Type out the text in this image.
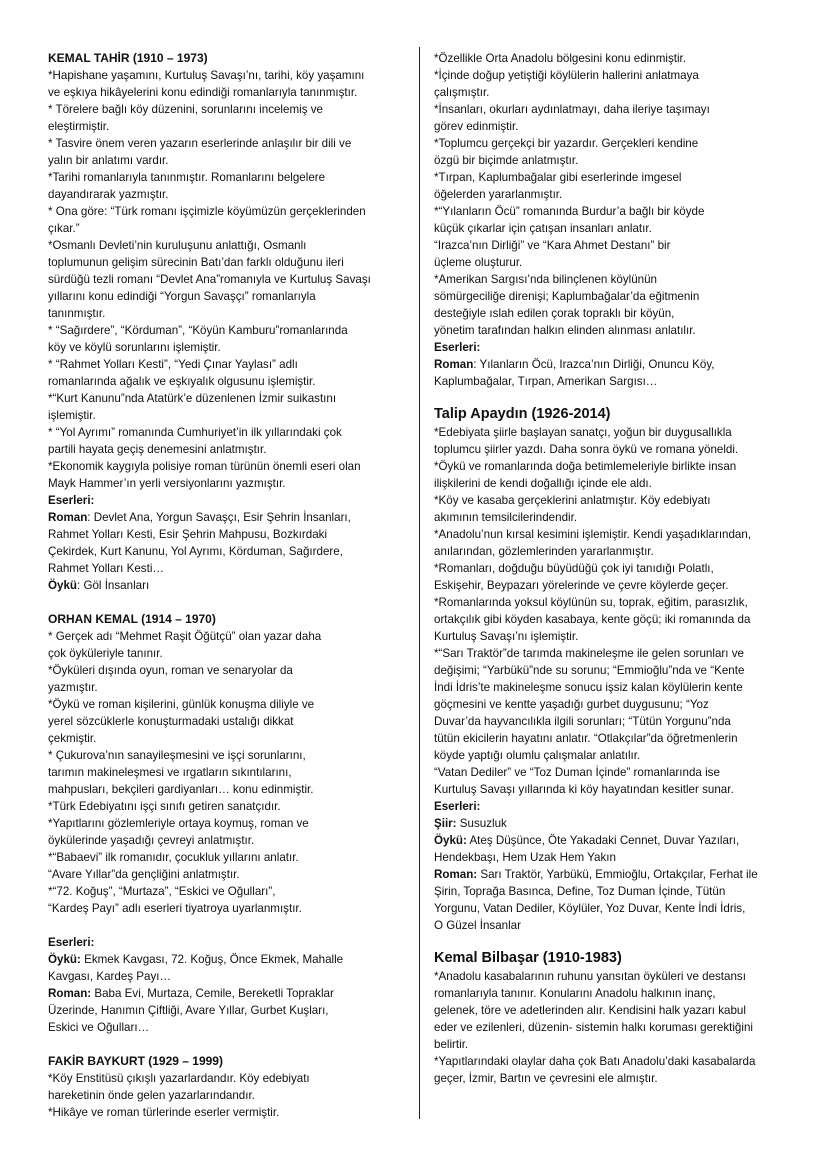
KEMAL TAHİR (1910 – 1973)
*Hapishane yaşamını, Kurtuluş Savaşı’nı, tarihi, köy yaşamını
ve eşkıya hikâyelerini konu edindiği romanlarıyla tanınmıştır.
* Törelere bağlı köy düzenini, sorunlarını incelemiş ve
eleştirmiştir.
* Tasvire önem veren yazarın eserlerinde anlaşılır bir dili ve
yalın bir anlatımı vardır.
*Tarihi romanlarıyla tanınmıştır. Romanlarını belgelere
dayandırarak yazmıştır.
* Ona göre: “Türk romanı işçimizle köyümüzün gerçeklerinden
çıkar.”
*Osmanlı Devleti’nin kuruluşunu anlattığı, Osmanlı
toplumunun gelişim sürecinin Batı’dan farklı olduğunu ileri
sürdüğü tezli romanı “Devlet Ana”romanıyla ve Kurtuluş Savaşı
yıllarını konu edindiği “Yorgun Savaşçı” romanlarıyla
tanınmıştır.
* “Sağırdere”, “Körduman”, “Köyün Kamburu”romanlarında
köy ve köylü sorunlarını işlemiştir.
* “Rahmet Yolları Kesti”, “Yedi Çınar Yaylası” adlı
romanlarında ağalık ve eşkıyalık olgusunu işlemiştir.
*“Kurt Kanunu”nda Atatürk’e düzenlenen İzmir suikastını
işlemiştir.
* “Yol Ayrımı” romanında Cumhuriyet’in ilk yıllarındaki çok
partili hayata geçiş denemesini anlatmıştır.
*Ekonomik kaygıyla polisiye roman türünün önemli eseri olan
Mayk Hammer’ın yerli versiyonlarını yazmıştır.
Eserleri:
Roman: Devlet Ana, Yorgun Savaşçı, Esir Şehrin İnsanları,
Rahmet Yolları Kesti, Esir Şehrin Mahpusu, Bozkırdaki
Çekirdek, Kurt Kanunu, Yol Ayrımı, Körduman, Sağırdere,
Rahmet Yolları Kesti…
Öykü: Göl İnsanları
ORHAN KEMAL (1914 – 1970)
* Gerçek adı “Mehmet Raşit Öğütçü” olan yazar daha
çok öyküleriyle tanınır.
*Öyküleri dışında oyun, roman ve senaryolar da
yazmıştır.
*Öykü ve roman kişilerini, günlük konuşma diliyle ve
yerel sözcüklerle konuşturmadaki ustalığı dikkat
çekmiştir.
* Çukurova’nın sanayileşmesini ve işçi sorunlarını,
tarımın makineleşmesi ve ırgatların sıkıntılarını,
mahpusları, bekçileri gardiyanları… konu edinmiştir.
*Türk Edebiyatını işçi sınıfı getiren sanatçıdır.
*Yapıtlarını gözlemleriyle ortaya koymuş, roman ve
öykülerinde yaşadığı çevreyi anlatmıştır.
*“Babaevi” ilk romanıdır, çocukluk yıllarını anlatır.
“Avare Yıllar”da gençliğini anlatmıştır.
*“72. Koğuş”, “Murtaza”, “Eskici ve Oğulları”,
“Kardeş Payı” adlı eserleri tiyatroya uyarlanmıştır.
Eserleri:
Öykü: Ekmek Kavgası, 72. Koğuş, Önce Ekmek, Mahalle
Kavgası, Kardeş Payı…
Roman: Baba Evi, Murtaza, Cemile, Bereketli Topraklar
Üzerinde, Hanımın Çiftliği, Avare Yıllar, Gurbet Kuşları,
Eskici ve Oğulları…
FAKİR BAYKURT (1929 – 1999)
*Köy Enstitüsü çıkışlı yazarlardandır. Köy edebiyatı
hareketinin önde gelen yazarlarındandır.
*Hikâye ve roman türlerinde eserler vermiştir.
*Özellikle Orta Anadolu bölgesini konu edinmiştir.
*İçinde doğup yetiştiği köylülerin hallerini anlatmaya
çalışmıştır.
*İnsanları, okurları aydınlatmayı, daha ileriye taşımayı
görev edinmiştir.
*Toplumcu gerçekçi bir yazardır. Gerçekleri kendine
özgü bir biçimde anlatmıştır.
*Tırpan, Kaplumbağalar gibi eserlerinde imgesel
öğelerden yararlanmıştır.
*“Yılanların Öcü” romanında Burdur’a bağlı bir köyde
küçük çıkarlar için çatışan insanları anlatır.
“Irazca’nın Dirliği” ve “Kara Ahmet Destanı” bir
üçleme oluşturur.
*Amerikan Sargısı’nda bilinçlenen köylünün
sömürgeciliğe direnişi; Kaplumbağalar’da eğitmenin
desteğiyle ıslah edilen çorak topraklı bir köyün,
yönetim tarafından halkın elinden alınması anlatılır.
Eserleri:
Roman: Yılanların Öcü, Irazca’nın Dirliği, Onuncu Köy,
Kaplumbağalar, Tırpan, Amerikan Sargısı…
Talip Apaydın (1926-2014)
*Edebiyata şiirle başlayan sanatçı, yoğun bir duygusallıkla
toplumcu şiirler yazdı. Daha sonra öykü ve romana yöneldi.
*Öykü ve romanlarında doğa betimlemeleriyle birlikte insan
ilişkilerini de kendi doğallığı içinde ele aldı.
*Köy ve kasaba gerçeklerini anlatmıştır. Köy edebiyatı
akımının temsilcilerindendir.
*Anadolu’nun kırsal kesimini işlemiştir. Kendi yaşadıklarından,
anılarından, gözlemlerinden yararlanmıştır.
*Romanları, doğduğu büyüdüğü çok iyi tanıdığı Polatlı,
Eskişehir, Beypazarı yörelerinde ve çevre köylerde geçer.
*Romanlarında yoksul köylünün su, toprak, eğitim, parasızlık,
ortakçılık gibi köyden kasabaya, kente göçü; iki romanında da
Kurtuluş Savaşı’nı işlemiştir.
*“Sarı Traktör”de tarımda makineleşme ile gelen sorunları ve
değişimi; “Yarbükü”nde su sorunu; “Emmioğlu”nda ve “Kente
İndi İdris’te makineleşme sonucu işsiz kalan köylülerin kente
göçmesini ve kentte yaşadığı gurbet duygusunu; “Yoz
Duvar’da hayvancılıkla ilgili sorunları; “Tütün Yorgunu”nda
tütün ekicilerin hayatını anlatır. “Otlakçılar”da öğretmenlerin
köyde yaptığı olumlu çalışmalar anlatılır.
“Vatan Dediler” ve “Toz Duman İçinde” romanlarında ise
Kurtuluş Savaşı yıllarında ki köy hayatından kesitler sunar.
Eserleri:
Şiir: Susuzluk
Öykü: Ateş Düşünce, Öte Yakadaki Cennet, Duvar Yazıları,
Hendekbaşı, Hem Uzak Hem Yakın
Roman: Sarı Traktör, Yarbükü, Emmioğlu, Ortakçılar, Ferhat ile
Şirin, Toprağa Basınca, Define, Toz Duman İçinde, Tütün
Yorgunu, Vatan Dediler, Köylüler, Yoz Duvar, Kente İndi İdris,
O Güzel İnsanlar
Kemal Bilbaşar (1910-1983)
*Anadolu kasabalarının ruhunu yansıtan öyküleri ve destansı
romanlarıyla tanınır. Konularını Anadolu halkının inanç,
gelenek, töre ve adetlerinden alır. Kendisini halk yazarı kabul
eder ve ezilenleri, düzenin- sistemin halkı koruması gerektiğini
belirtir.
*Yapıtlarındaki olaylar daha çok Batı Anadolu’daki kasabalarda
geçer, İzmir, Bartın ve çevresini ele almıştır.
